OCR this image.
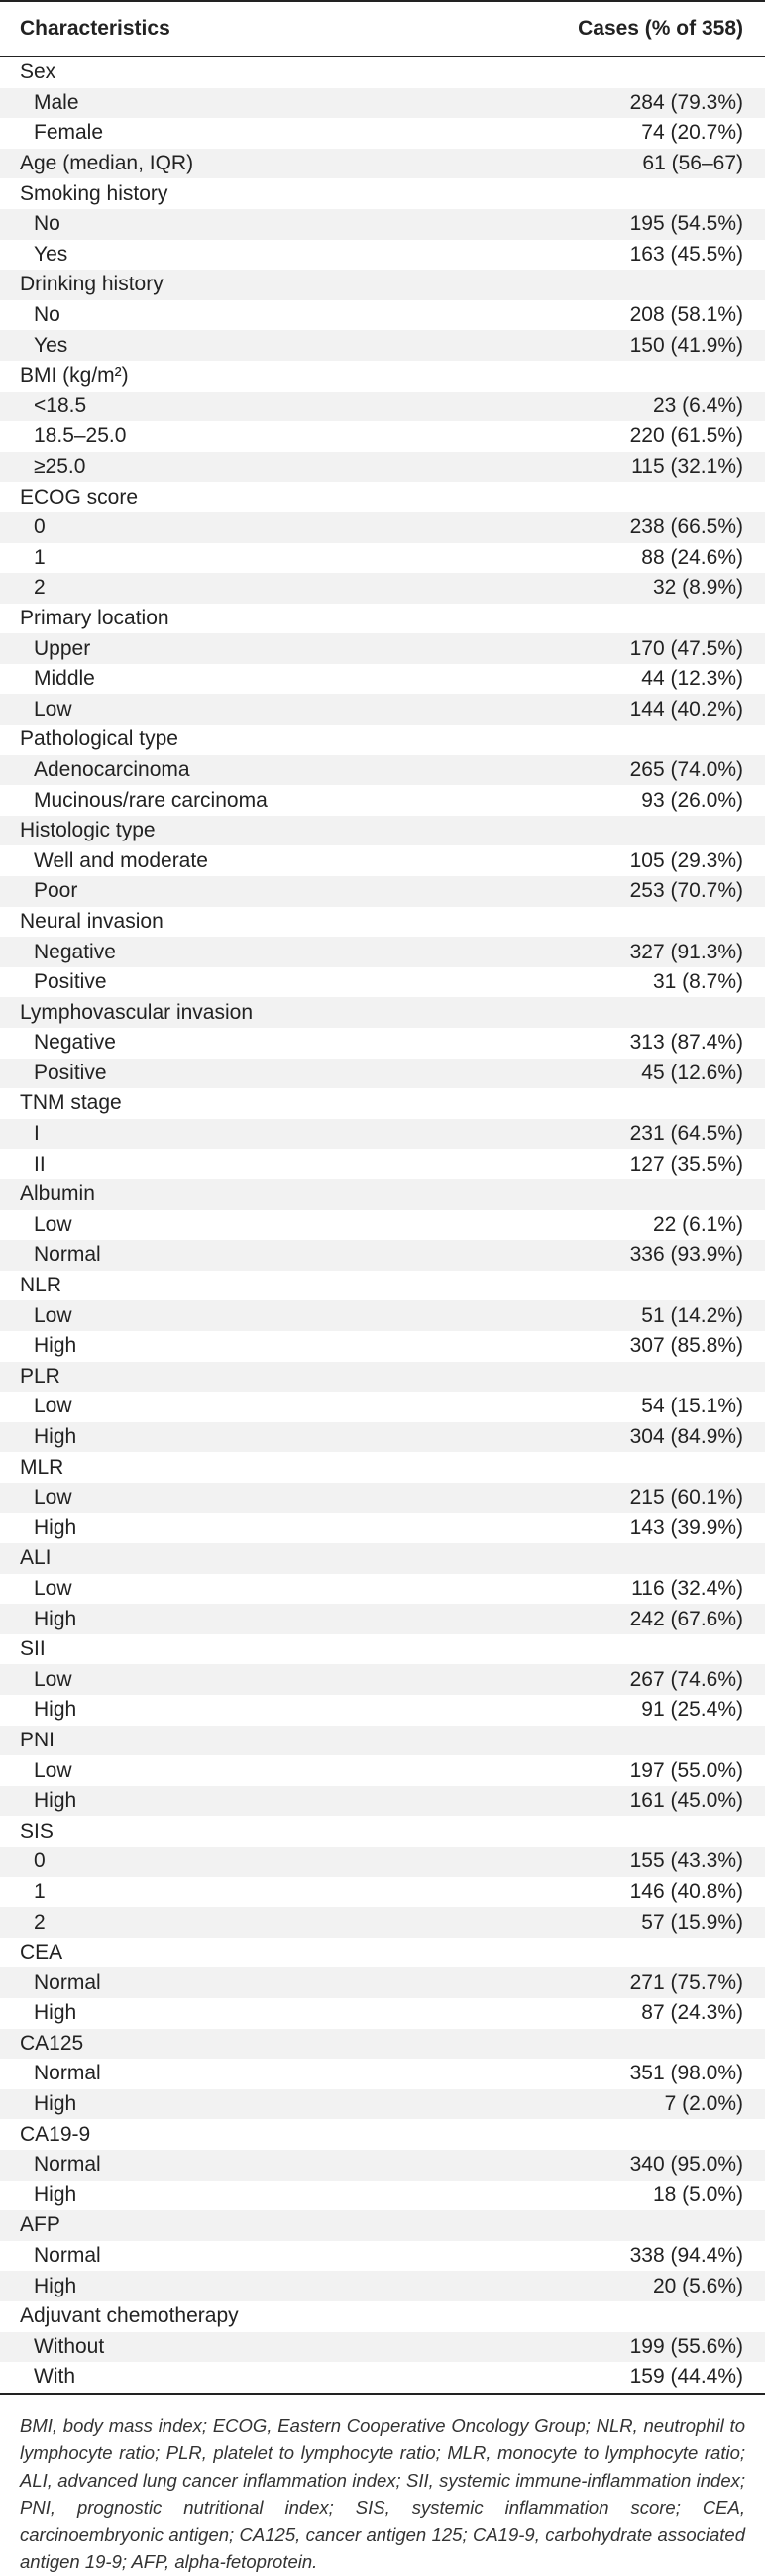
Characteristics	Cases (% of 358)
Sex
Male	284 (79.3%)
Female	74 (20.7%)
Age (median, IQR)	61 (56–67)
Smoking history
No	195 (54.5%)
Yes	163 (45.5%)
Drinking history
No	208 (58.1%)
Yes	150 (41.9%)
BMI (kg/m²)
<18.5	23 (6.4%)
18.5–25.0	220 (61.5%)
≥25.0	115 (32.1%)
ECOG score
0	238 (66.5%)
1	88 (24.6%)
2	32 (8.9%)
Primary location
Upper	170 (47.5%)
Middle	44 (12.3%)
Low	144 (40.2%)
Pathological type
Adenocarcinoma	265 (74.0%)
Mucinous/rare carcinoma	93 (26.0%)
Histologic type
Well and moderate	105 (29.3%)
Poor	253 (70.7%)
Neural invasion
Negative	327 (91.3%)
Positive	31 (8.7%)
Lymphovascular invasion
Negative	313 (87.4%)
Positive	45 (12.6%)
TNM stage
I	231 (64.5%)
II	127 (35.5%)
Albumin
Low	22 (6.1%)
Normal	336 (93.9%)
NLR
Low	51 (14.2%)
High	307 (85.8%)
PLR
Low	54 (15.1%)
High	304 (84.9%)
MLR
Low	215 (60.1%)
High	143 (39.9%)
ALI
Low	116 (32.4%)
High	242 (67.6%)
SII
Low	267 (74.6%)
High	91 (25.4%)
PNI
Low	197 (55.0%)
High	161 (45.0%)
SIS
0	155 (43.3%)
1	146 (40.8%)
2	57 (15.9%)
CEA
Normal	271 (75.7%)
High	87 (24.3%)
CA125
Normal	351 (98.0%)
High	7 (2.0%)
CA19-9
Normal	340 (95.0%)
High	18 (5.0%)
AFP
Normal	338 (94.4%)
High	20 (5.6%)
Adjuvant chemotherapy
Without	199 (55.6%)
With	159 (44.4%)
BMI, body mass index; ECOG, Eastern Cooperative Oncology Group; NLR, neutrophil to lymphocyte ratio; PLR, platelet to lymphocyte ratio; MLR, monocyte to lymphocyte ratio; ALI, advanced lung cancer inflammation index; SII, systemic immune-inflammation index; PNI, prognostic nutritional index; SIS, systemic inflammation score; CEA, carcinoembryonic antigen; CA125, cancer antigen 125; CA19-9, carbohydrate associated antigen 19-9; AFP, alpha-fetoprotein.
